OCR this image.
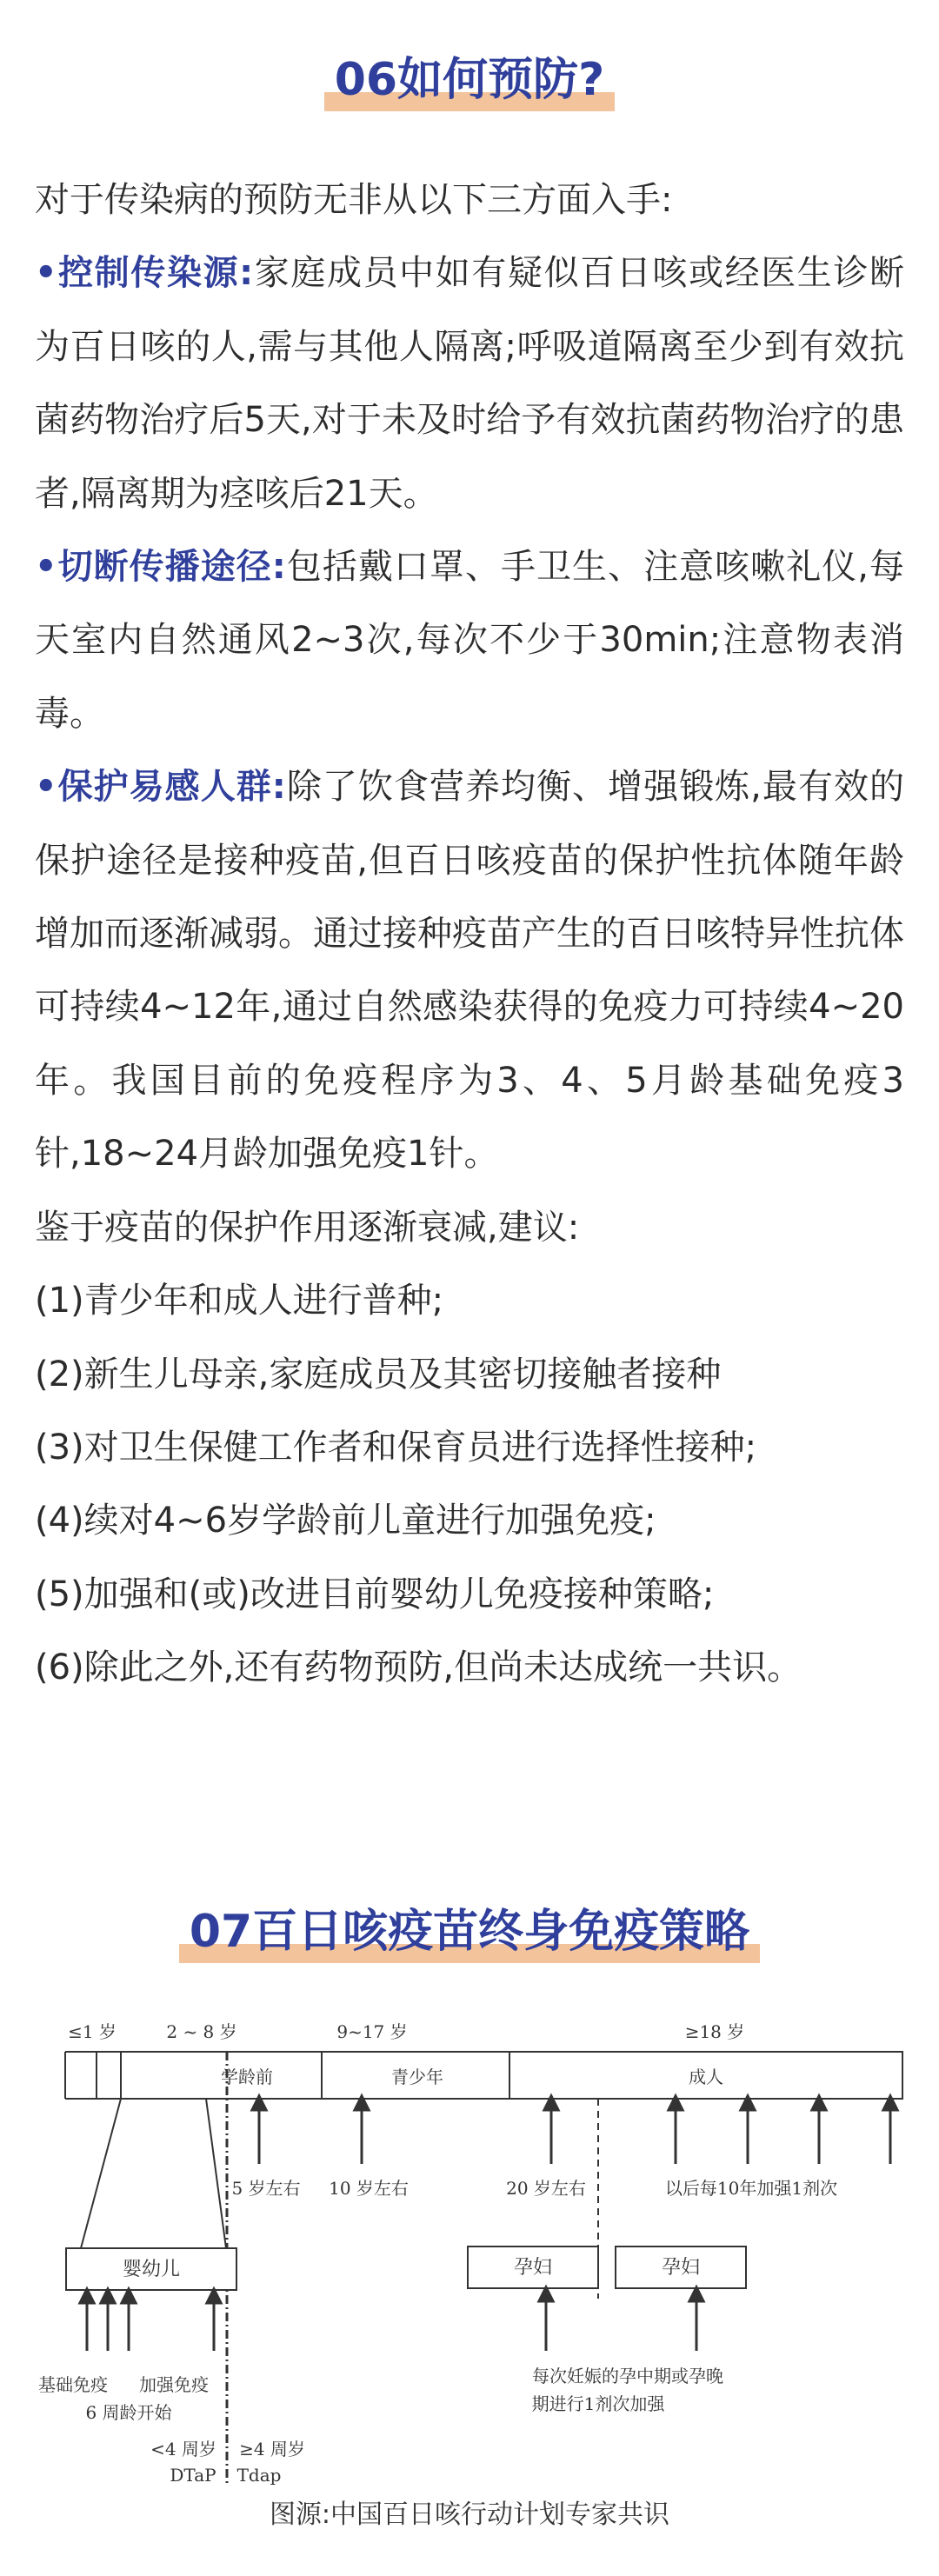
06如何预防?

对于传染病的预防无非从以下三方面入手:

•控制传染源:家庭成员中如有疑似百日咳或经医生诊断为百日咳的人,需与其他人隔离;呼吸道隔离至少到有效抗菌药物治疗后5天,对于未及时给予有效抗菌药物治疗的患者,隔离期为痉咳后21天。

•切断传播途径:包括戴口罩、手卫生、注意咳嗽礼仪,每天室内自然通风2~3次,每次不少于30min;注意物表消毒。

•保护易感人群:除了饮食营养均衡、增强锻炼,最有效的保护途径是接种疫苗,但百日咳疫苗的保护性抗体随年龄增加而逐渐减弱。通过接种疫苗产生的百日咳特异性抗体可持续4~12年,通过自然感染获得的免疫力可持续4~20年。我国目前的免疫程序为3、4、5月龄基础免疫3针,18~24月龄加强免疫1针。

鉴于疫苗的保护作用逐渐衰减,建议:

(1)青少年和成人进行普种;

(2)新生儿母亲,家庭成员及其密切接触者接种

(3)对卫生保健工作者和保育员进行选择性接种;

(4)续对4~6岁学龄前儿童进行加强免疫;

(5)加强和(或)改进目前婴幼儿免疫接种策略;

(6)除此之外,还有药物预防,但尚未达成统一共识。

07百日咳疫苗终身免疫策略
≤1 岁	2 ~ 8 岁	9~17 岁	≥18 岁
学龄前	青少年	成人
婴幼儿
5 岁左右 10 岁左右	20 岁左右	以后每10年加强1剂次
孕妇	孕妇
基础免疫 加强免疫
6 周龄开始
每次妊娠的孕中期或孕晚
期进行1剂次加强
<4 周岁
DTaP
≥4 周岁
Tdap
图源:中国百日咳行动计划专家共识
